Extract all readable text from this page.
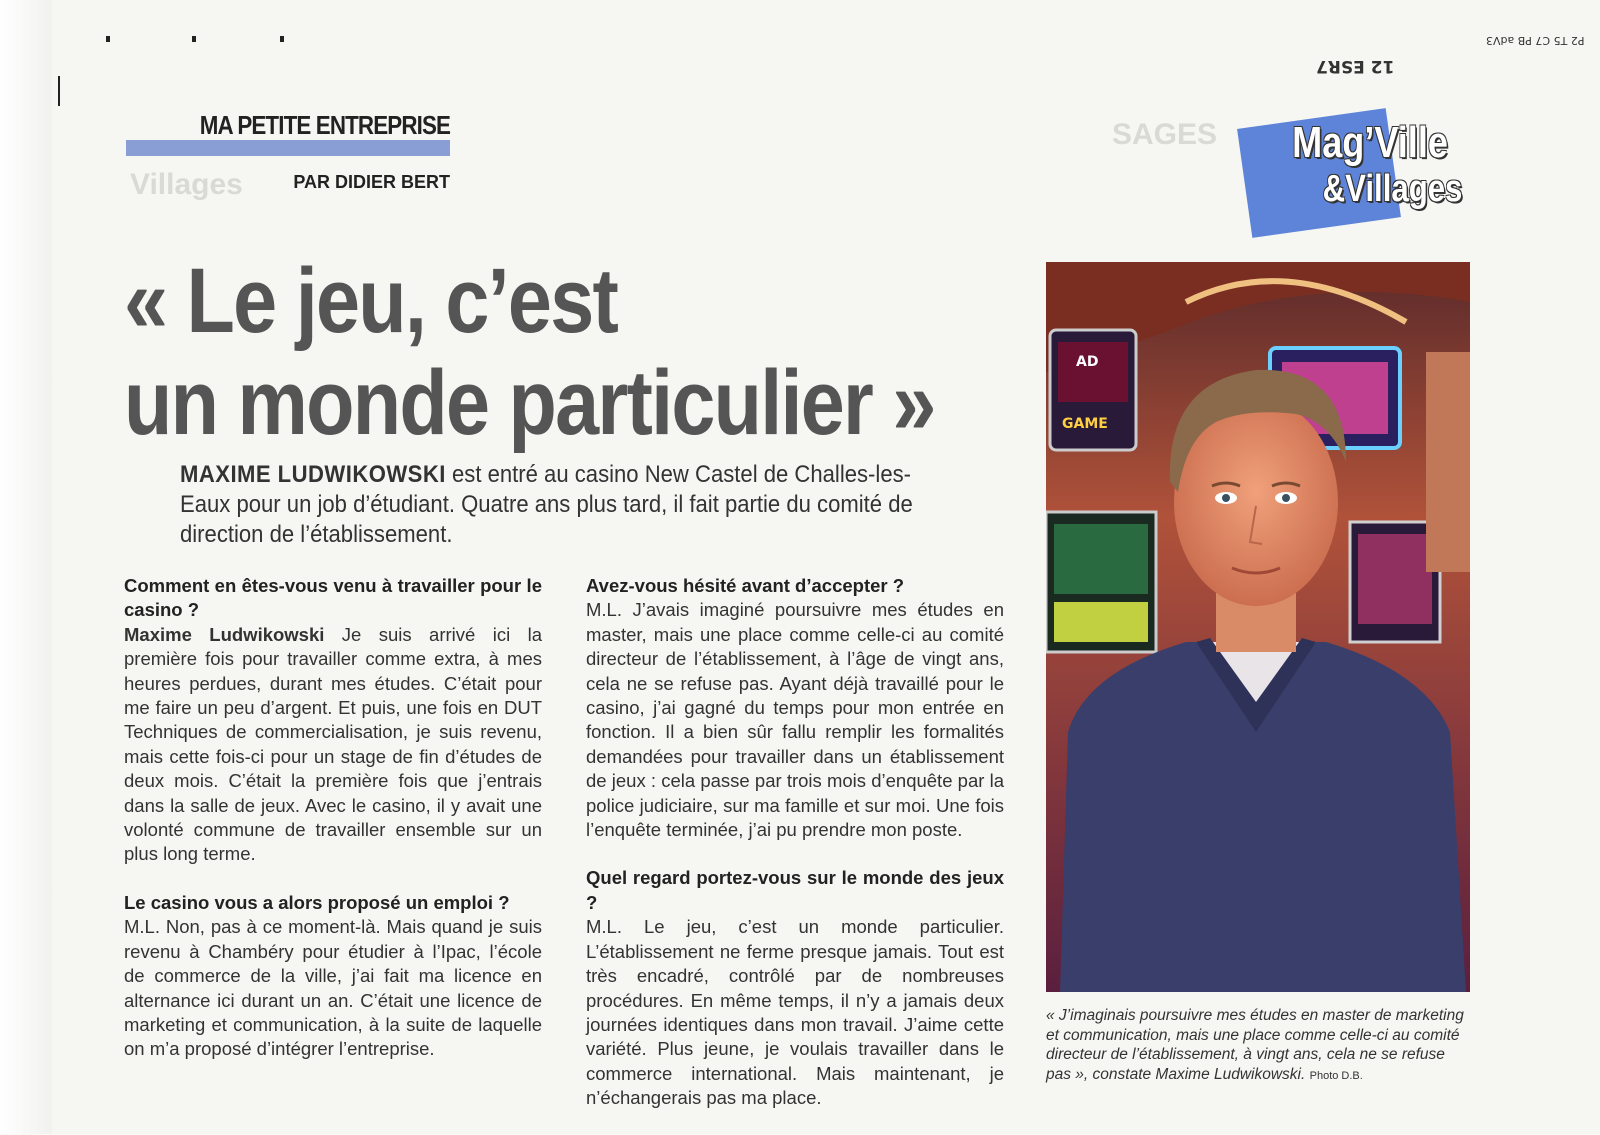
P2 T5 C7 PB adV3
12 ESR7
Villages
SAGES
MA PETITE ENTREPRISE
PAR DIDIER BERT
Mag’Ville
&Villages
« Le jeu, c’est
un monde particulier »
MAXIME LUDWIKOWSKI est entré au casino New Castel de Challes-les-Eaux pour un job d’étudiant. Quatre ans plus tard, il fait partie du comité de direction de l’établissement.

Comment en êtes-vous venu à travailler pour le casino ?

Maxime Ludwikowski Je suis arrivé ici la première fois pour travailler comme extra, à mes heures perdues, durant mes études. C’était pour me faire un peu d’argent. Et puis, une fois en DUT Techniques de commercialisation, je suis revenu, mais cette fois-ci pour un stage de fin d’études de deux mois. C’était la première fois que j’entrais dans la salle de jeux. Avec le casino, il y avait une volonté commune de travailler ensemble sur un plus long terme.

Le casino vous a alors proposé un emploi ?

M.L. Non, pas à ce moment-là. Mais quand je suis revenu à Chambéry pour étudier à l’Ipac, l’école de commerce de la ville, j’ai fait ma licence en alternance ici durant un an. C’était une licence de marketing et communication, à la suite de laquelle on m’a proposé d’intégrer l’entreprise.

Avez-vous hésité avant d’accepter ?

M.L. J’avais imaginé poursuivre mes études en master, mais une place comme celle-ci au comité directeur de l’établissement, à l’âge de vingt ans, cela ne se refuse pas. Ayant déjà travaillé pour le casino, j’ai gagné du temps pour mon entrée en fonction. Il a bien sûr fallu remplir les formalités demandées pour travailler dans un établissement de jeux : cela passe par trois mois d’enquête par la police judiciaire, sur ma famille et sur moi. Une fois l’enquête terminée, j’ai pu prendre mon poste.

Quel regard portez-vous sur le monde des jeux ?

M.L. Le jeu, c’est un monde particulier. L’établissement ne ferme presque jamais. Tout est très encadré, contrôlé par de nombreuses procédures. En même temps, il n’y a jamais deux journées identiques dans mon travail. J’aime cette variété. Plus jeune, je voulais travailler dans le commerce international. Mais maintenant, je n’échangerais pas ma place.

AD
GAME
« J’imaginais poursuivre mes études en master de marketing et communication, mais une place comme celle-ci au comité directeur de l’établissement, à vingt ans, cela ne se refuse pas », constate Maxime Ludwikowski. Photo D.B.
